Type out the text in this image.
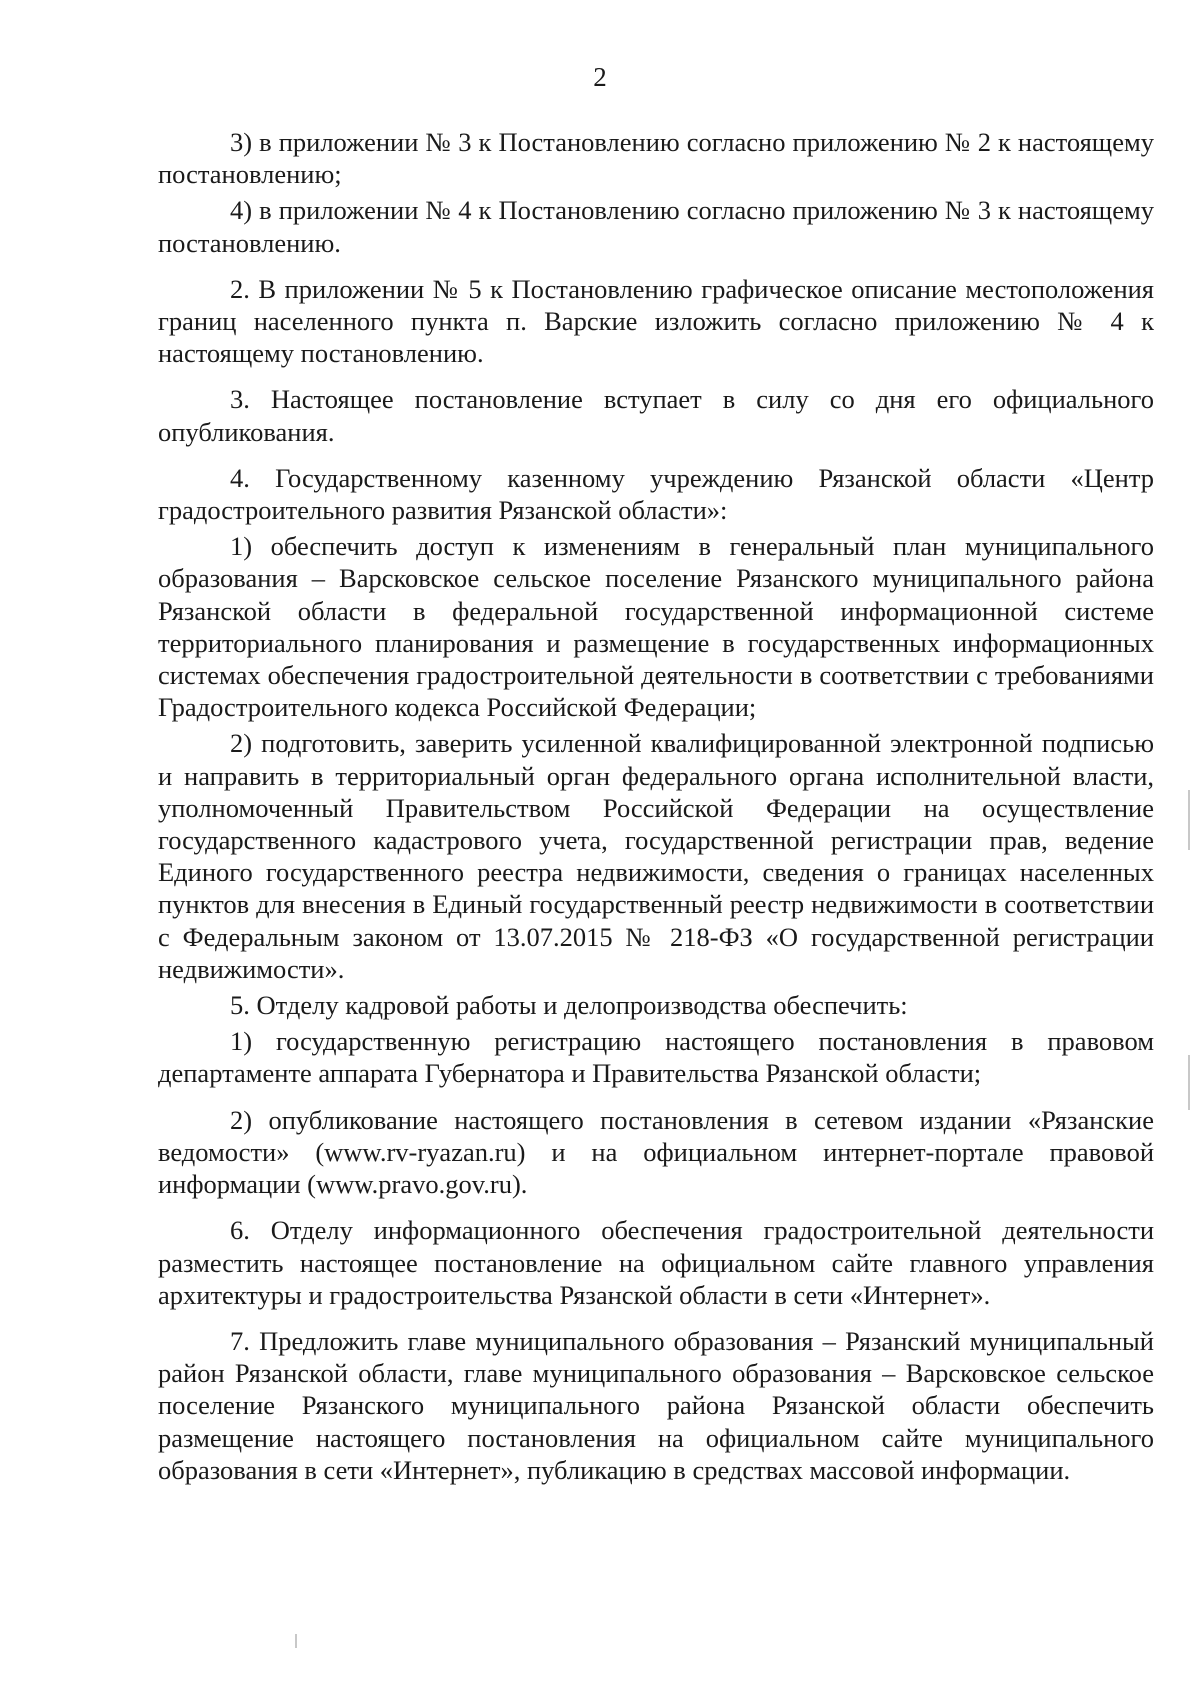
2

3) в приложении № 3 к Постановлению согласно приложению № 2 к настоящему постановлению;

4) в приложении № 4 к Постановлению согласно приложению № 3 к настоящему постановлению.

2. В приложении № 5 к Постановлению графическое описание местоположения границ населенного пункта п. Варские изложить согласно приложению № 4 к настоящему постановлению.

3. Настоящее постановление вступает в силу со дня его официального опубликования.

4. Государственному казенному учреждению Рязанской области «Центр градостроительного развития Рязанской области»:

1) обеспечить доступ к изменениям в генеральный план муниципального образования – Варсковское сельское поселение Рязанского муниципального района Рязанской области в федеральной государственной информационной системе территориального планирования и размещение в государственных информационных системах обеспечения градостроительной деятельности в соответствии с требованиями Градостроительного кодекса Российской Федерации;

2) подготовить, заверить усиленной квалифицированной электронной подписью и направить в территориальный орган федерального органа исполнительной власти, уполномоченный Правительством Российской Федерации на осуществление государственного кадастрового учета, государственной регистрации прав, ведение Единого государственного реестра недвижимости, сведения о границах населенных пунктов для внесения в Единый государственный реестр недвижимости в соответствии с Федеральным законом от 13.07.2015 № 218-ФЗ «О государственной регистрации недвижимости».

5. Отделу кадровой работы и делопроизводства обеспечить:

1) государственную регистрацию настоящего постановления в правовом департаменте аппарата Губернатора и Правительства Рязанской области;

2) опубликование настоящего постановления в сетевом издании «Рязанские ведомости» (www.rv-ryazan.ru) и на официальном интернет-портале правовой информации (www.pravo.gov.ru).

6. Отделу информационного обеспечения градостроительной деятельности разместить настоящее постановление на официальном сайте главного управления архитектуры и градостроительства Рязанской области в сети «Интернет».

7. Предложить главе муниципального образования – Рязанский муниципальный район Рязанской области, главе муниципального образования – Варсковское сельское поселение Рязанского муниципального района Рязанской области обеспечить размещение настоящего постановления на официальном сайте муниципального образования в сети «Интернет», публикацию в средствах массовой информации.
